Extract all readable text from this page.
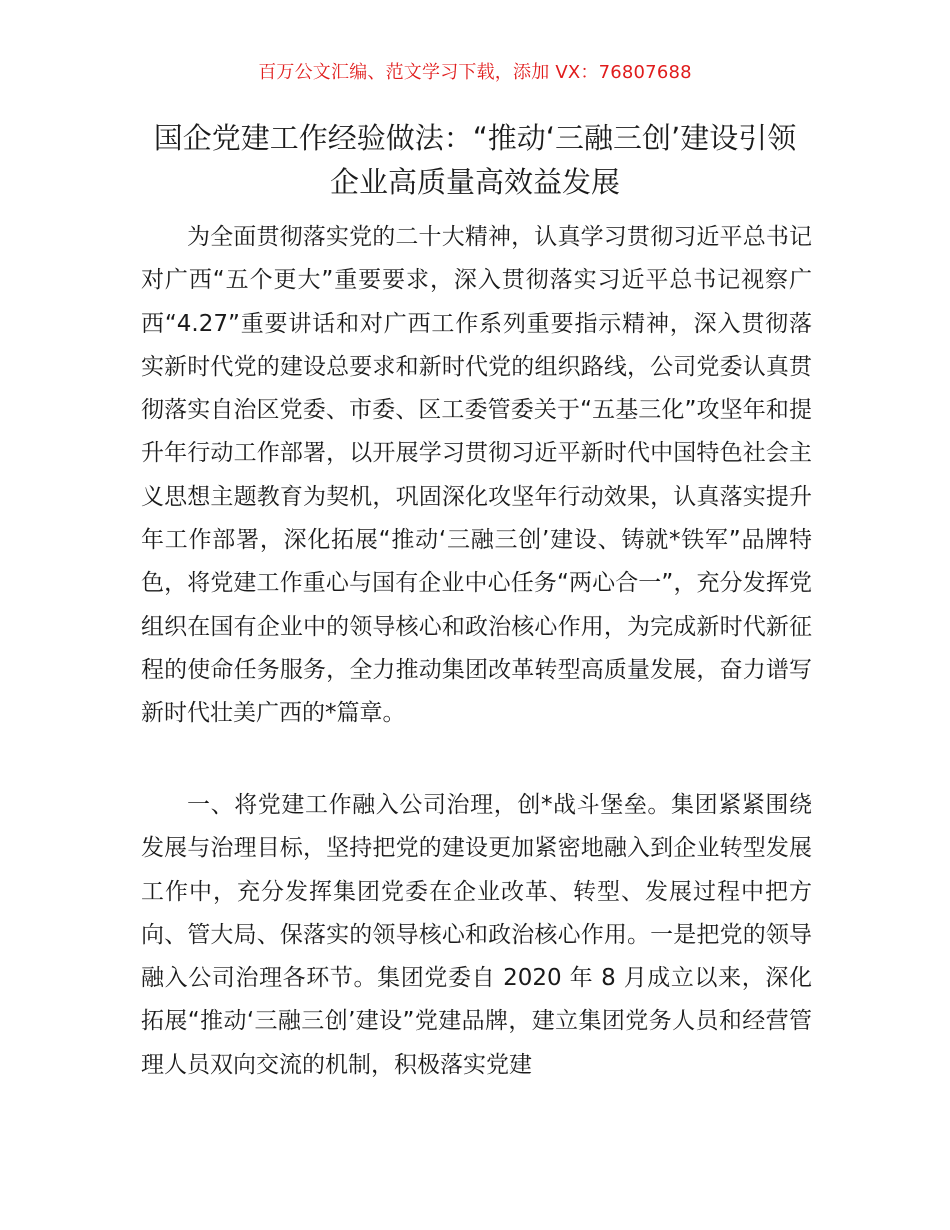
百万公文汇编、范文学习下载，添加 VX：76807688
国企党建工作经验做法：“推动‘三融三创’建设引领企业高质量高效益发展

为全面贯彻落实党的二十大精神，认真学习贯彻习近平总书记对广西“五个更大”重要要求，深入贯彻落实习近平总书记视察广西“4.27”重要讲话和对广西工作系列重要指示精神，深入贯彻落实新时代党的建设总要求和新时代党的组织路线，公司党委认真贯彻落实自治区党委、市委、区工委管委关于“五基三化”攻坚年和提升年行动工作部署，以开展学习贯彻习近平新时代中国特色社会主义思想主题教育为契机，巩固深化攻坚年行动效果，认真落实提升年工作部署，深化拓展“推动‘三融三创’建设、铸就*铁军”品牌特色，将党建工作重心与国有企业中心任务“两心合一”，充分发挥党组织在国有企业中的领导核心和政治核心作用，为完成新时代新征程的使命任务服务，全力推动集团改革转型高质量发展，奋力谱写新时代壮美广西的*篇章。

一、将党建工作融入公司治理，创*战斗堡垒。集团紧紧围绕发展与治理目标，坚持把党的建设更加紧密地融入到企业转型发展工作中，充分发挥集团党委在企业改革、转型、发展过程中把方向、管大局、保落实的领导核心和政治核心作用。一是把党的领导融入公司治理各环节。集团党委自 2020 年 8 月成立以来，深化拓展“推动‘三融三创’建设”党建品牌，建立集团党务人员和经营管理人员双向交流的机制，积极落实党建
